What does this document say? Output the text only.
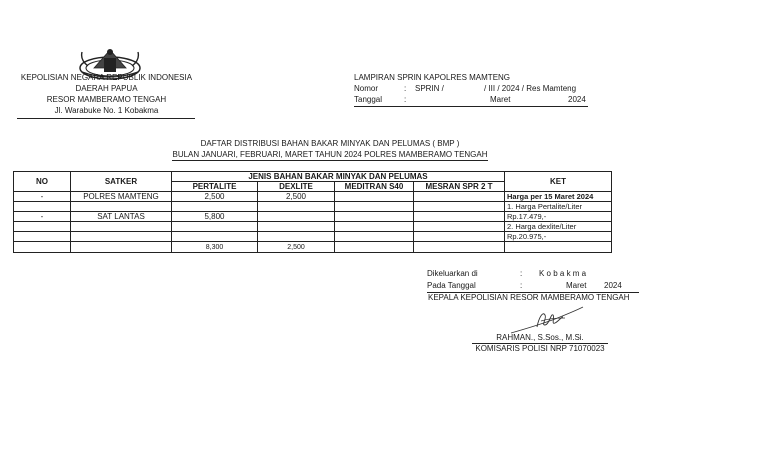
KEPOLISIAN NEGARA REPUBLIK INDONESIA
DAERAH PAPUA
RESOR MAMBERAMO TENGAH
Jl. Warabuke No. 1 Kobakma
LAMPIRAN SPRIN KAPOLRES MAMTENG
Nomor	: SPRIN /	/ III / 2024 / Res Mamteng
Tanggal	:	Maret	2024
DAFTAR DISTRIBUSI BAHAN BAKAR MINYAK DAN PELUMAS ( BMP )
BULAN JANUARI, FEBRUARI, MARET TAHUN 2024 POLRES MAMBERAMO TENGAH
NO	SATKER	JENIS BAHAN BAKAR MINYAK DAN PELUMAS				KET
		PERTALITE	DEXLITE	MEDITRAN S40	MESRAN SPR 2 T	
-	POLRES MAMTENG	2,500	2,500			Harga per 15 Maret 2024
						1. Harga Pertalite/Liter
-	SAT LANTAS	5,800				Rp.17.479,-
						2. Harga dexlite/Liter
						Rp.20.975,-
		8,300	2,500			
Dikeluarkan di	: K o b a k m a
Pada Tanggal	:	Maret 2024
KEPALA KEPOLISIAN RESOR MAMBERAMO TENGAH
RAHMAN., S.Sos., M.Si.
KOMISARIS POLISI NRP 71070023
